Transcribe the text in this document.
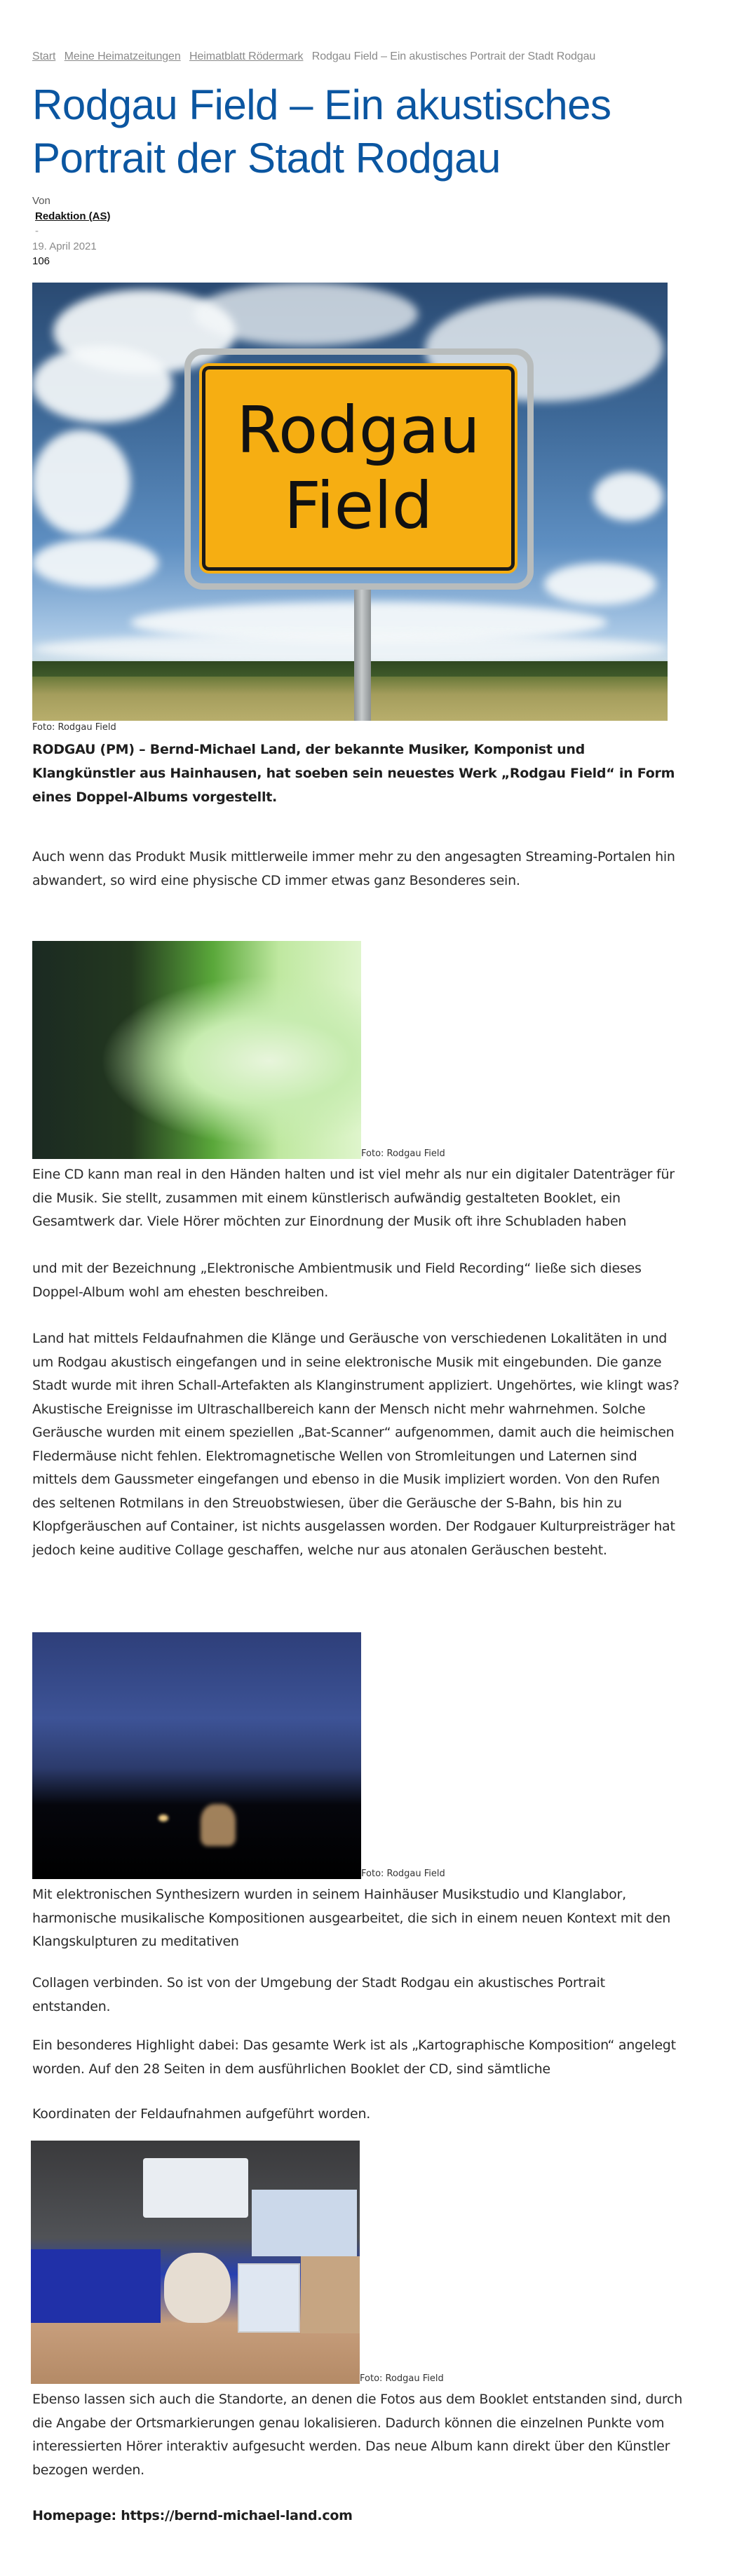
Start Meine Heimatzeitungen Heimatblatt Rödermark Rodgau Field – Ein akustisches Portrait der Stadt Rodgau
Rodgau Field – Ein akustisches Portrait der Stadt Rodgau
Von
Redaktion (AS)
-
19. April 2021
106
Rodgau
Field
Foto: Rodgau Field

RODGAU (PM) – Bernd-Michael Land, der bekannte Musiker, Komponist und Klangkünstler aus Hainhausen, hat soeben sein neuestes Werk „Rodgau Field“ in Form eines Doppel-Albums vorgestellt.

Auch wenn das Produkt Musik mittlerweile immer mehr zu den angesagten Streaming-Portalen hin abwandert, so wird eine physische CD immer etwas ganz Besonderes sein.

Foto: Rodgau Field

Eine CD kann man real in den Händen halten und ist viel mehr als nur ein digitaler Datenträger für die Musik. Sie stellt, zusammen mit einem künstlerisch aufwändig gestalteten Booklet, ein Gesamtwerk dar. Viele Hörer möchten zur Einordnung der Musik oft ihre Schubladen haben

und mit der Bezeichnung „Elektronische Ambientmusik und Field Recording“ ließe sich dieses Doppel-Album wohl am ehesten beschreiben.

Land hat mittels Feldaufnahmen die Klänge und Geräusche von verschiedenen Lokalitäten in und um Rodgau akustisch eingefangen und in seine elektronische Musik mit eingebunden. Die ganze Stadt wurde mit ihren Schall-Artefakten als Klanginstrument appliziert. Ungehörtes, wie klingt was? Akustische Ereignisse im Ultraschallbereich kann der Mensch nicht mehr wahrnehmen. Solche Geräusche wurden mit einem speziellen „Bat-Scanner“ aufgenommen, damit auch die heimischen Fledermäuse nicht fehlen. Elektromagnetische Wellen von Stromleitungen und Laternen sind mittels dem Gaussmeter eingefangen und ebenso in die Musik impliziert worden. Von den Rufen des seltenen Rotmilans in den Streuobstwiesen, über die Geräusche der S-Bahn, bis hin zu Klopfgeräuschen auf Container, ist nichts ausgelassen worden. Der Rodgauer Kulturpreisträger hat jedoch keine auditive Collage geschaffen, welche nur aus atonalen Geräuschen besteht.

Foto: Rodgau Field

Mit elektronischen Synthesizern wurden in seinem Hainhäuser Musikstudio und Klanglabor, harmonische musikalische Kompositionen ausgearbeitet, die sich in einem neuen Kontext mit den Klangskulpturen zu meditativen

Collagen verbinden. So ist von der Umgebung der Stadt Rodgau ein akustisches Portrait entstanden.

Ein besonderes Highlight dabei: Das gesamte Werk ist als „Kartographische Komposition“ angelegt worden. Auf den 28 Seiten in dem ausführlichen Booklet der CD, sind sämtliche

Koordinaten der Feldaufnahmen aufgeführt worden.

Foto: Rodgau Field

Ebenso lassen sich auch die Standorte, an denen die Fotos aus dem Booklet entstanden sind, durch die Angabe der Ortsmarkierungen genau lokalisieren. Dadurch können die einzelnen Punkte vom interessierten Hörer interaktiv aufgesucht werden. Das neue Album kann direkt über den Künstler bezogen werden.

Homepage: https://bernd-michael-land.com
